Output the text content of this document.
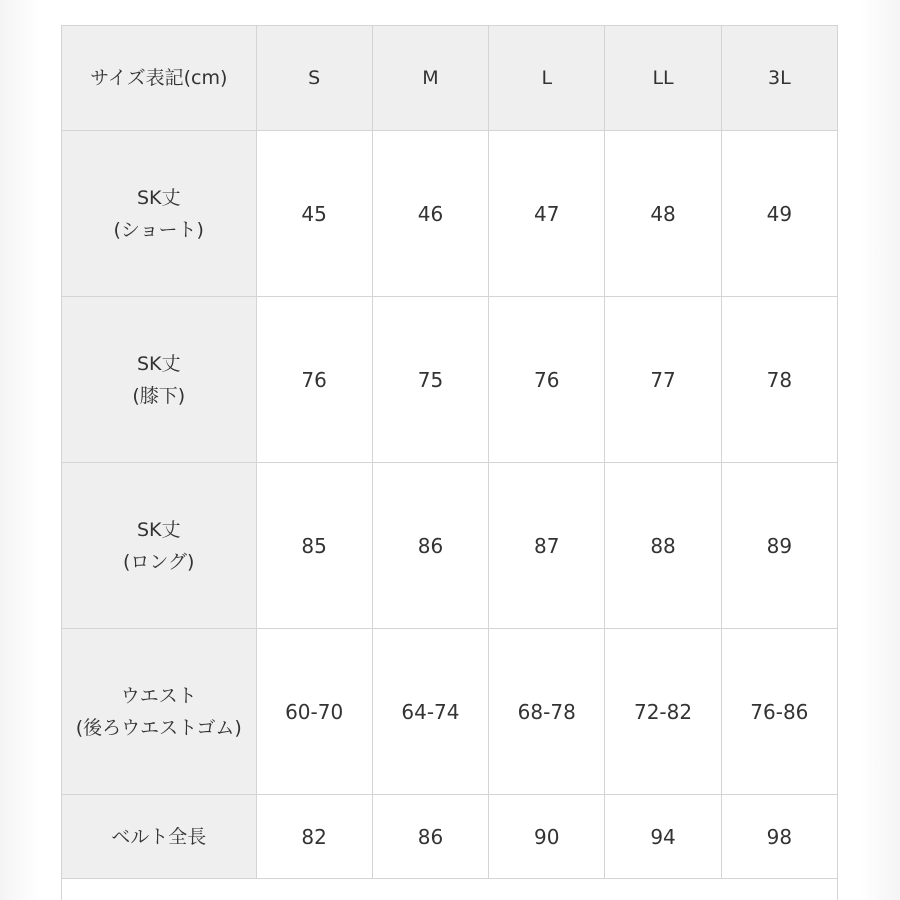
サイズ表記(cm)	S	M	L	LL	3L

SK丈
(ショート)	45	46	47	48	49

SK丈
(膝下)	76	75	76	77	78

SK丈
(ロング)	85	86	87	88	89

ウエスト
(後ろウエストゴム)	60-70	64-74	68-78	72-82	76-86

ベルト全長	82	86	90	94	98
